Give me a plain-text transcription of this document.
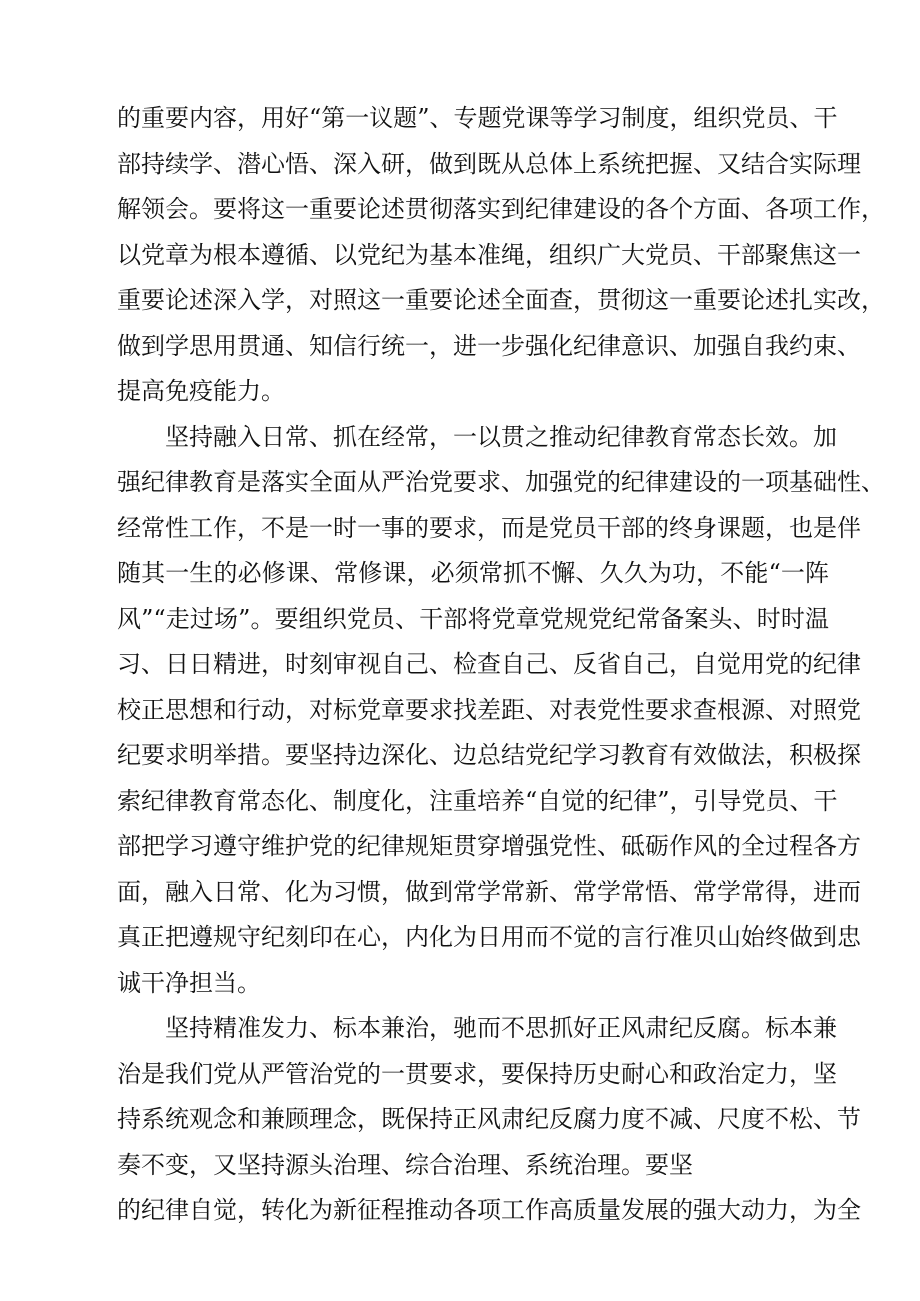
的重要内容，用好“第一议题”、专题党课等学习制度，组织党员、干
部持续学、潜心悟、深入研，做到既从总体上系统把握、又结合实际理
解领会。要将这一重要论述贯彻落实到纪律建设的各个方面、各项工作，
以党章为根本遵循、以党纪为基本准绳，组织广大党员、干部聚焦这一
重要论述深入学，对照这一重要论述全面查，贯彻这一重要论述扎实改，
做到学思用贯通、知信行统一，进一步强化纪律意识、加强自我约束、
提高免疫能力。
坚持融入日常、抓在经常，一以贯之推动纪律教育常态长效。加
强纪律教育是落实全面从严治党要求、加强党的纪律建设的一项基础性、
经常性工作，不是一时一事的要求，而是党员干部的终身课题，也是伴
随其一生的必修课、常修课，必须常抓不懈、久久为功，不能“一阵
风”“走过场”。要组织党员、干部将党章党规党纪常备案头、时时温
习、日日精进，时刻审视自己、检查自己、反省自己，自觉用党的纪律
校正思想和行动，对标党章要求找差距、对表党性要求查根源、对照党
纪要求明举措。要坚持边深化、边总结党纪学习教育有效做法，积极探
索纪律教育常态化、制度化，注重培养“自觉的纪律”，引导党员、干
部把学习遵守维护党的纪律规矩贯穿增强党性、砥砺作风的全过程各方
面，融入日常、化为习惯，做到常学常新、常学常悟、常学常得，进而
真正把遵规守纪刻印在心，内化为日用而不觉的言行准贝山始终做到忠
诚干净担当。
坚持精准发力、标本兼治，驰而不思抓好正风肃纪反腐。标本兼
治是我们党从严管治党的一贯要求，要保持历史耐心和政治定力，坚
持系统观念和兼顾理念，既保持正风肃纪反腐力度不减、尺度不松、节
奏不变，又坚持源头治理、综合治理、系统治理。要坚
的纪律自觉，转化为新征程推动各项工作高质量发展的强大动力，为全
